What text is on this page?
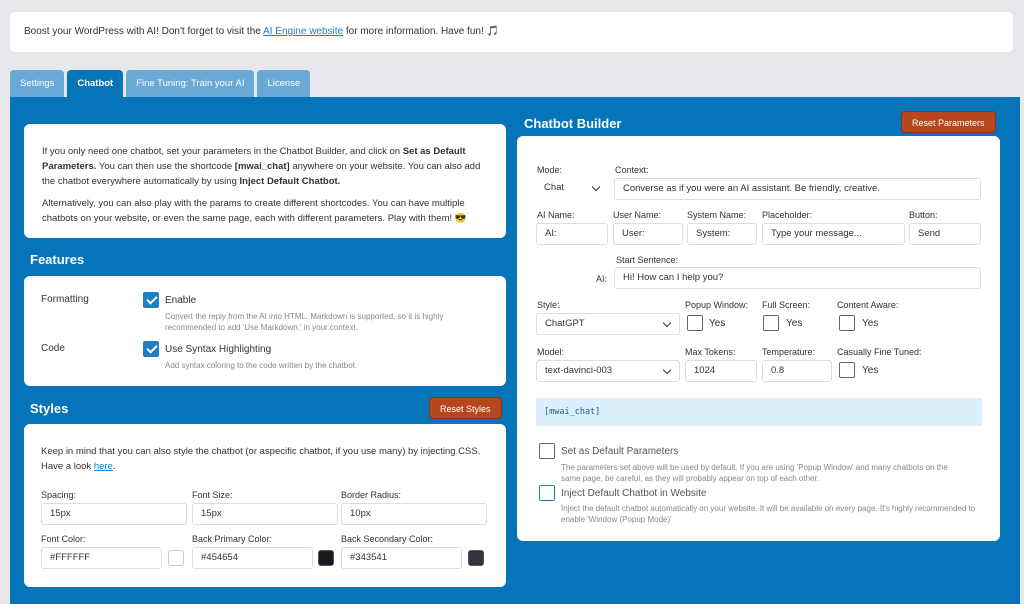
Boost your WordPress with AI! Don't forget to visit the AI Engine website for more information. Have fun! 🎵
Settings	Chatbot	Fine Tuning: Train your AI	License

If you only need one chatbot, set your parameters in the Chatbot Builder, and click on Set as Default Parameters. You can then use the shortcode [mwai_chat] anywhere on your website. You can also add the chatbot everywhere automatically by using Inject Default Chatbot.

Alternatively, you can also play with the params to create different shortcodes. You can have multiple chatbots on your website, or even the same page, each with different parameters. Play with them! 😎

Features
Formatting	Enable
Convert the reply from the AI into HTML. Markdown is supported, so it is highly recommended to add 'Use Markdown.' in your context.
Code	Use Syntax Highlighting
Add syntax coloring to the code written by the chatbot.
Styles	Reset Styles
Keep in mind that you can also style the chatbot (or aspecific chatbot, if you use many) by injecting CSS. Have a look here.
Spacing:
15px
Font Size:
15px
Border Radius:
10px
Font Color:
#FFFFFF
Back Primary Color:
#454654
Back Secondary Color:
#343541
Chatbot Builder	Reset Parameters
Mode:
Chat
Context:
Converse as if you were an AI assistant. Be friendly, creative.
AI Name:
AI:
User Name:
User:
System Name:
System:
Placeholder:
Type your message...
Button:
Send
Start Sentence:
AI:	Hi! How can I help you?
Style:
ChatGPT
Popup Window:
Yes
Full Screen:
Yes
Content Aware:
Yes
Model:
text-davinci-003
Max Tokens:
1024
Temperature:
0.8
Casually Fine Tuned:
Yes
[mwai_chat]
Set as Default Parameters
The parameters set above will be used by default. If you are using 'Popup Window' and many chatbots on the same page, be careful, as they will probably appear on top of each other.
Inject Default Chatbot in Website
Inject the default chatbot automatically on your website. It will be available on every page. It's highly recommended to enable 'Window (Popup Mode)'
